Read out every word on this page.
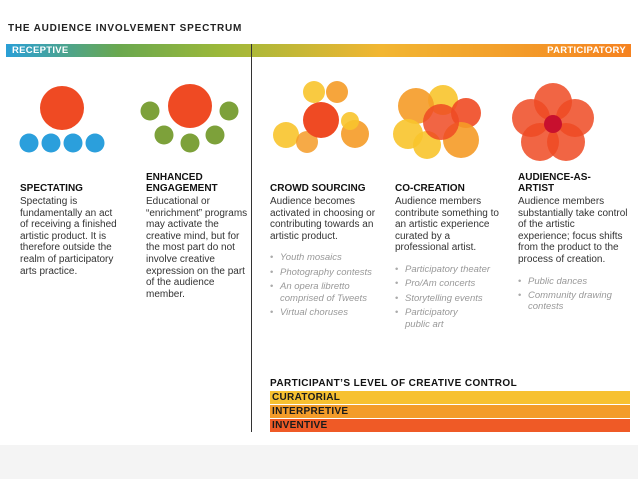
THE AUDIENCE INVOLVEMENT SPECTRUM
RECEPTIVE	PARTICIPATORY
SPECTATING
Spectating is fundamentally an act of receiving a finished artistic product. It is therefore outside the realm of participatory arts practice.
ENHANCED ENGAGEMENT
Educational or “enrichment” programs may activate the creative mind, but for the most part do not involve creative expression on the part of the audience member.
CROWD SOURCING
Audience becomes activated in choosing or contributing towards an artistic product.
• Youth mosaics
• Photography contests
• An opera libretto comprised of Tweets
• Virtual choruses
CO-CREATION
Audience members contribute something to an artistic experience curated by a professional artist.
• Participatory theater
• Pro/Am concerts
• Storytelling events
• Participatory public art
AUDIENCE-AS-ARTIST
Audience members substantially take control of the artistic experience; focus shifts from the product to the process of creation.
• Public dances
• Community drawing contests
PARTICIPANT’S LEVEL OF CREATIVE CONTROL
CURATORIAL
INTERPRETIVE
INVENTIVE
